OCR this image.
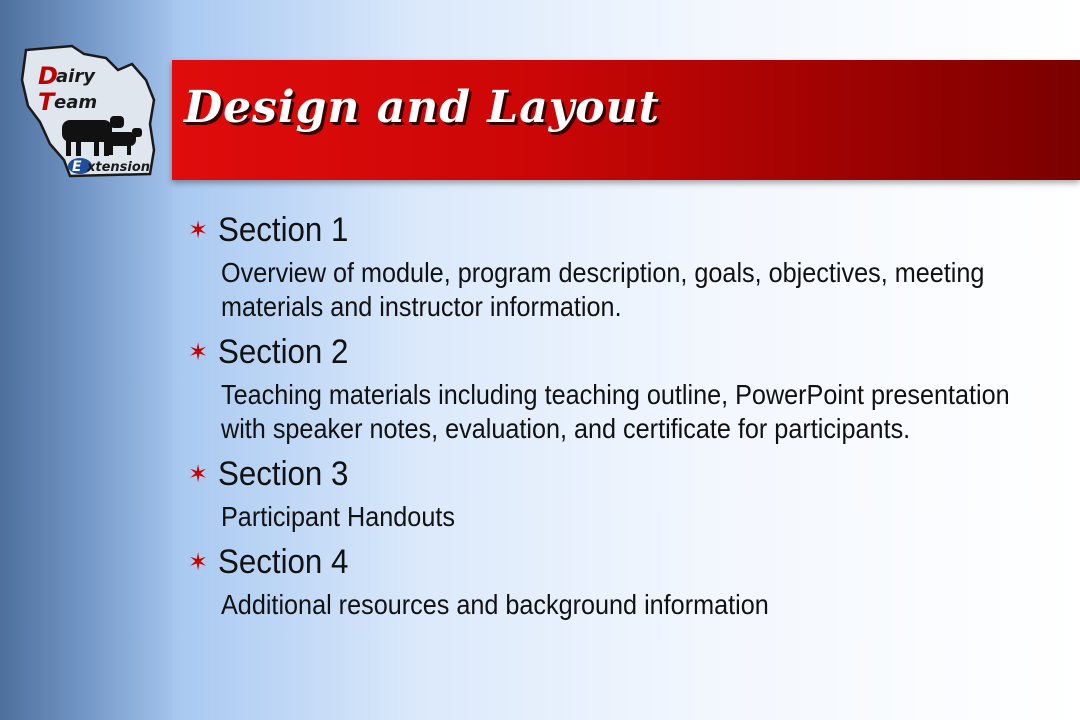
D
airy
T eam
E xtension
Design and Layout
✶ Section 1
Overview of module, program description, goals, objectives, meeting materials and instructor information.
✶ Section 2
Teaching materials including teaching outline, PowerPoint presentation with speaker notes, evaluation, and certificate for participants.
✶ Section 3
Participant Handouts
✶ Section 4
Additional resources and background information
